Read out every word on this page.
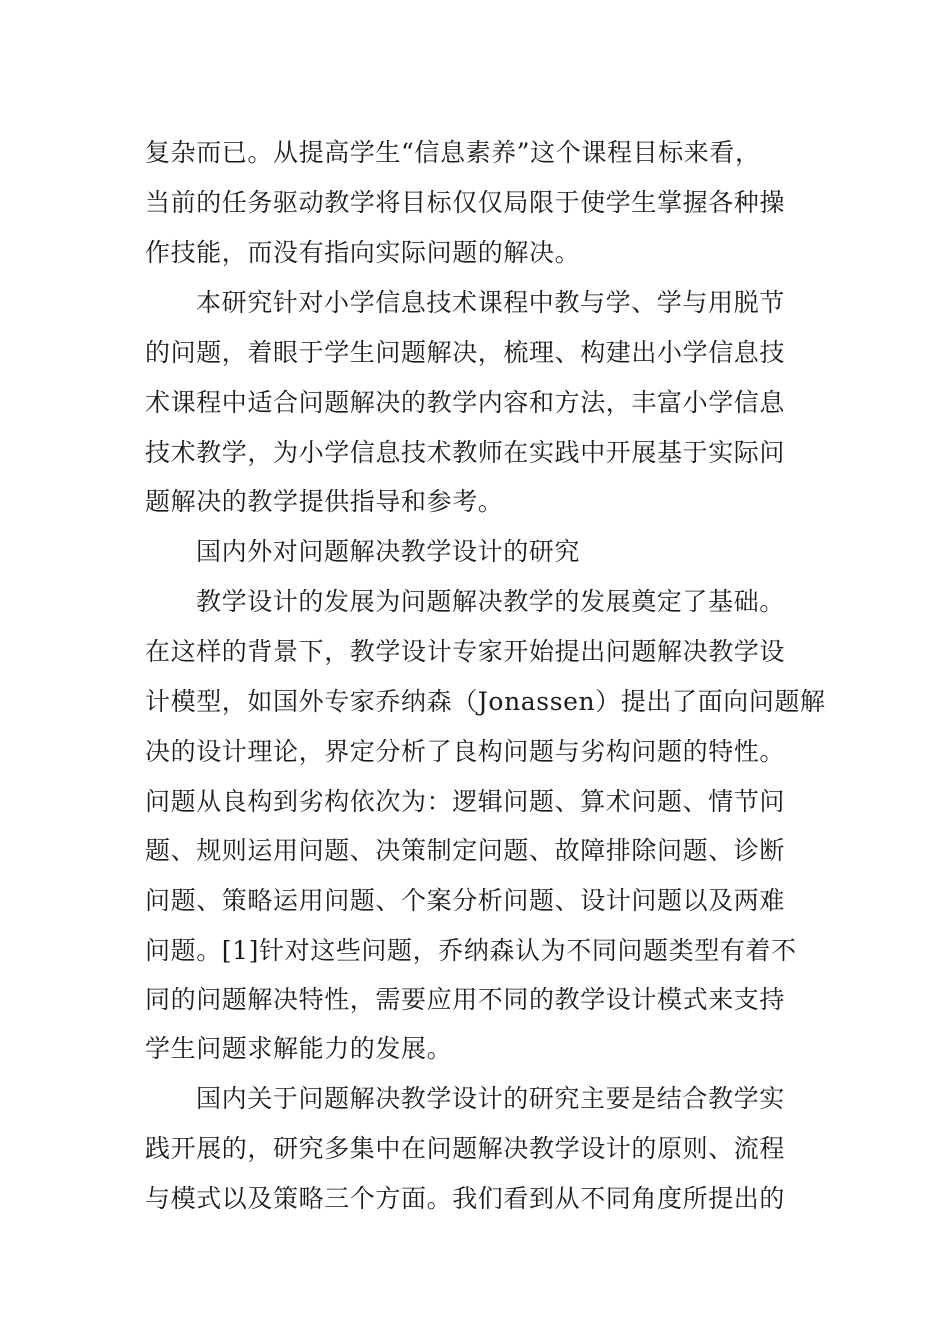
复杂而已。从提高学生“信息素养”这个课程目标来看，
当前的任务驱动教学将目标仅仅局限于使学生掌握各种操
作技能，而没有指向实际问题的解决。
本研究针对小学信息技术课程中教与学、学与用脱节
的问题，着眼于学生问题解决，梳理、构建出小学信息技
术课程中适合问题解决的教学内容和方法，丰富小学信息
技术教学，为小学信息技术教师在实践中开展基于实际问
题解决的教学提供指导和参考。
国内外对问题解决教学设计的研究
教学设计的发展为问题解决教学的发展奠定了基础。
在这样的背景下，教学设计专家开始提出问题解决教学设
计模型，如国外专家乔纳森（Jonassen）提出了面向问题解
决的设计理论，界定分析了良构问题与劣构问题的特性。
问题从良构到劣构依次为：逻辑问题、算术问题、情节问
题、规则运用问题、决策制定问题、故障排除问题、诊断
问题、策略运用问题、个案分析问题、设计问题以及两难
问题。[1]针对这些问题，乔纳森认为不同问题类型有着不
同的问题解决特性，需要应用不同的教学设计模式来支持
学生问题求解能力的发展。
国内关于问题解决教学设计的研究主要是结合教学实
践开展的，研究多集中在问题解决教学设计的原则、流程
与模式以及策略三个方面。我们看到从不同角度所提出的
